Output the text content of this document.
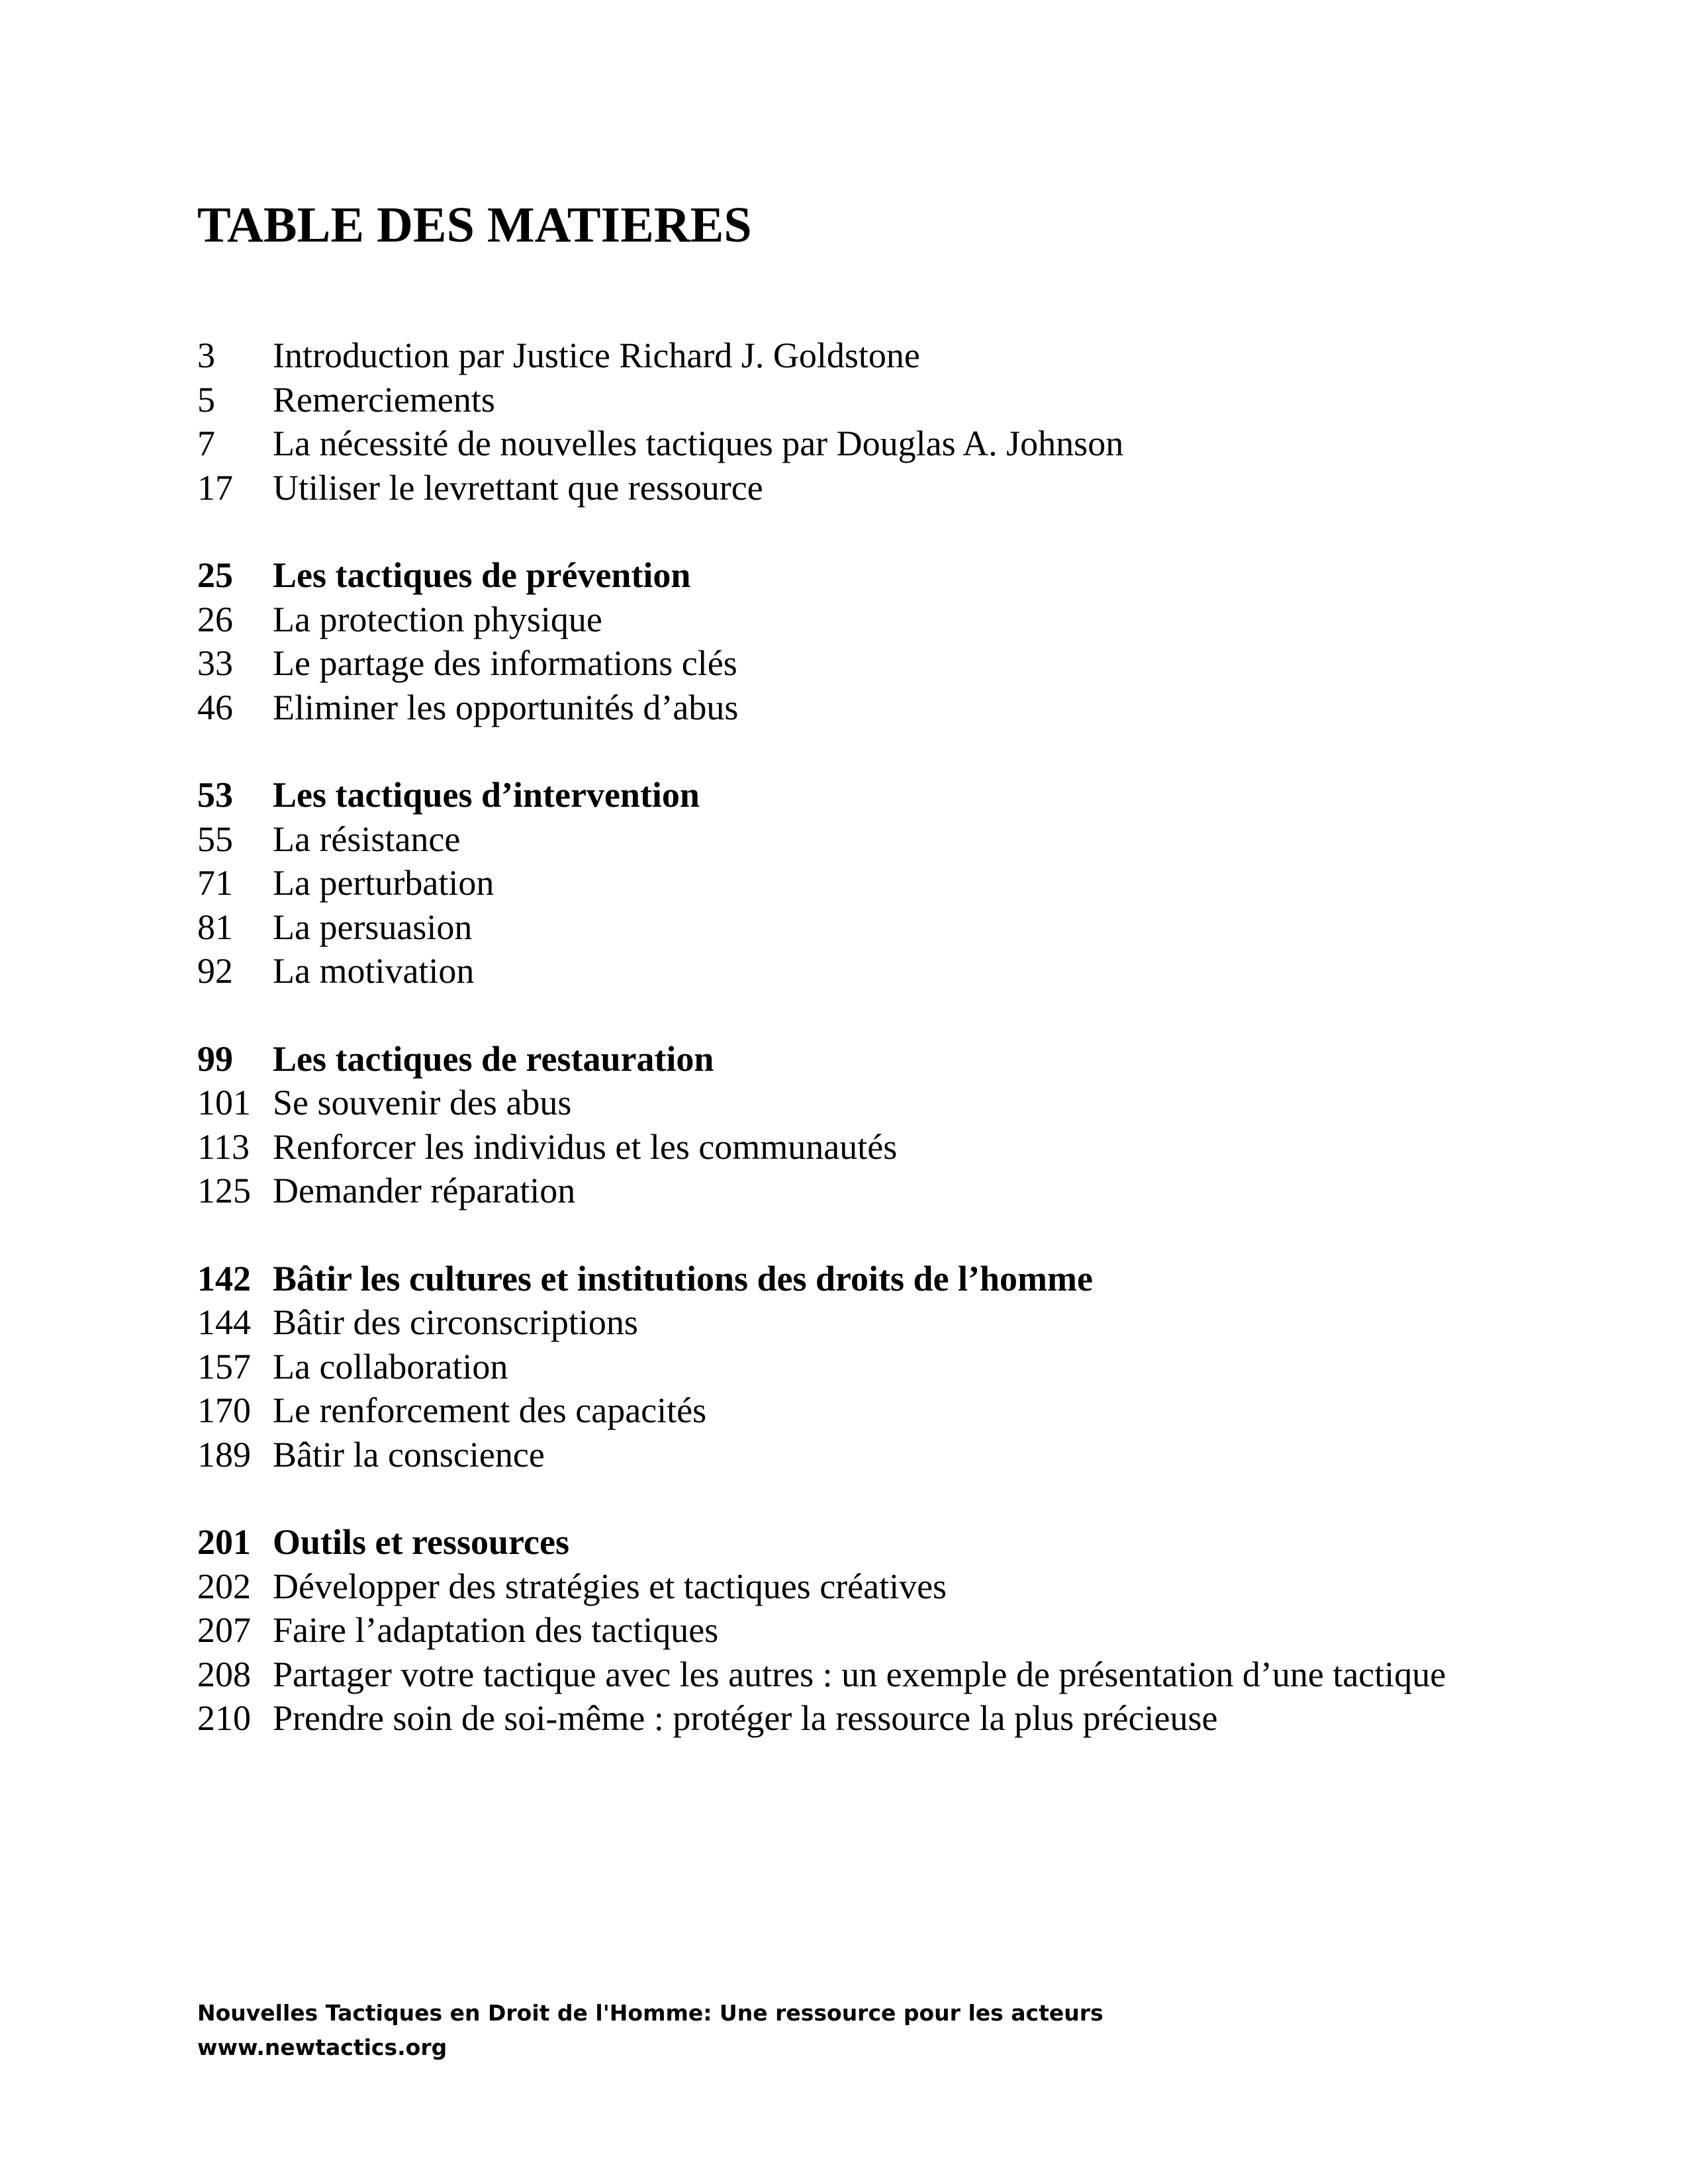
TABLE DES MATIERES
3	Introduction par Justice Richard J. Goldstone
5	Remerciements
7	La nécessité de nouvelles tactiques par Douglas A. Johnson
17	Utiliser le levrettant que ressource
25	Les tactiques de prévention
26	La protection physique
33	Le partage des informations clés
46	Eliminer les opportunités d’abus
53	Les tactiques d’intervention
55	La résistance
71	La perturbation
81	La persuasion
92	La motivation
99	Les tactiques de restauration
101 Se souvenir des abus
113 Renforcer les individus et les communautés
125 Demander réparation
142 Bâtir les cultures et institutions des droits de l’homme
144 Bâtir des circonscriptions
157 La collaboration
170 Le renforcement des capacités
189 Bâtir la conscience
201 Outils et ressources
202 Développer des stratégies et tactiques créatives
207 Faire l’adaptation des tactiques
208 Partager votre tactique avec les autres : un exemple de présentation d’une tactique
210 Prendre soin de soi-même : protéger la ressource la plus précieuse
Nouvelles Tactiques en Droit de l'Homme: Une ressource pour les acteurs
www.newtactics.org
